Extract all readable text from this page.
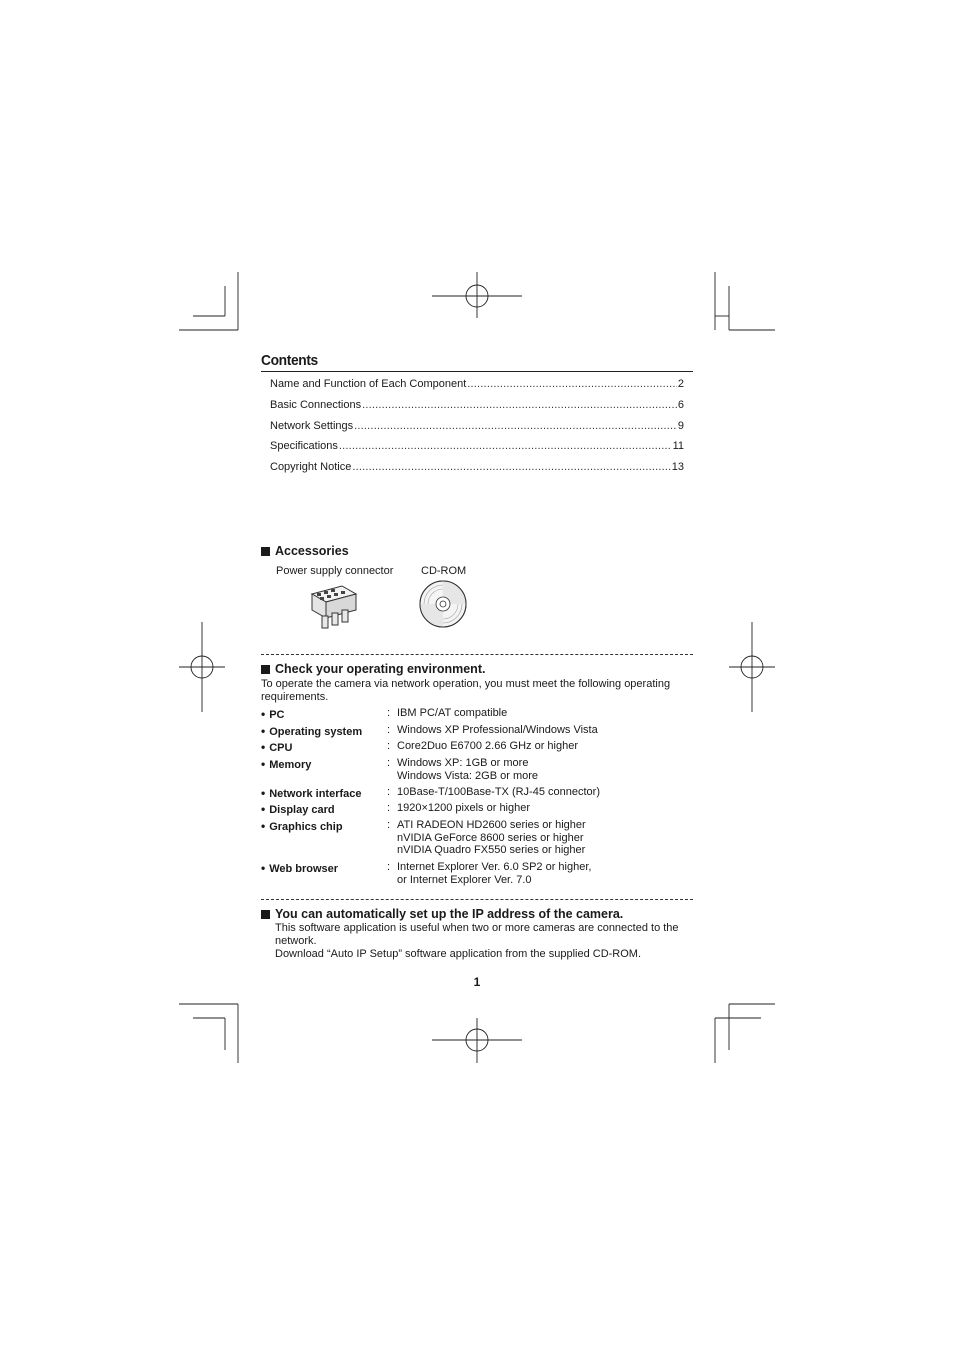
Contents
Name and Function of Each Component .....	2
Basic Connections .....	6
Network Settings .....	9
Specifications .....	11
Copyright Notice .....	13
Accessories
Power supply connector	CD-ROM
Check your operating environment.
To operate the camera via network operation, you must meet the following operating
requirements.
• PC	: IBM PC/AT compatible
• Operating system : Windows XP Professional/Windows Vista
• CPU	: Core2Duo E6700 2.66 GHz or higher
• Memory	: Windows XP: 1GB or more
Windows Vista: 2GB or more
• Network interface : 10Base-T/100Base-TX (RJ-45 connector)
• Display card	: 1920×1200 pixels or higher
• Graphics chip	: ATI RADEON HD2600 series or higher
nVIDIA GeForce 8600 series or higher
nVIDIA Quadro FX550 series or higher
• Web browser	: Internet Explorer Ver. 6.0 SP2 or higher,
or Internet Explorer Ver. 7.0
You can automatically set up the IP address of the camera.
This software application is useful when two or more cameras are connected to the
network.
Download “Auto IP Setup” software application from the supplied CD-ROM.
1
